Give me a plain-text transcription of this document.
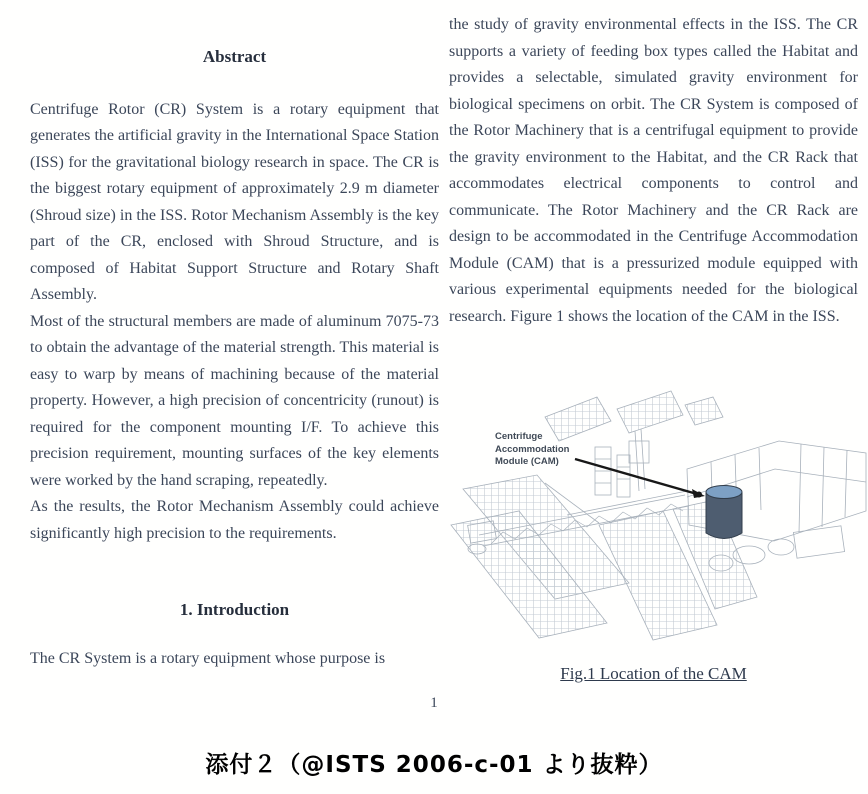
Abstract

Centrifuge Rotor (CR) System is a rotary equipment that generates the artificial gravity in the International Space Station (ISS) for the gravitational biology research in space. The CR is the biggest rotary equipment of approximately 2.9 m diameter (Shroud size) in the ISS. Rotor Mechanism Assembly is the key part of the CR, enclosed with Shroud Structure, and is composed of Habitat Support Structure and Rotary Shaft Assembly.

Most of the structural members are made of aluminum 7075-73 to obtain the advantage of the material strength. This material is easy to warp by means of machining because of the material property. However, a high precision of concentricity (runout) is required for the component mounting I/F. To achieve this precision requirement, mounting surfaces of the key elements were worked by the hand scraping, repeatedly.

As the results, the Rotor Mechanism Assembly could achieve significantly high precision to the requirements.

1. Introduction

The CR System is a rotary equipment whose purpose is

the study of gravity environmental effects in the ISS. The CR supports a variety of feeding box types called the Habitat and provides a selectable, simulated gravity environment for biological specimens on orbit. The CR System is composed of the Rotor Machinery that is a centrifugal equipment to provide the gravity environment to the Habitat, and the CR Rack that accommodates electrical components to control and communicate. The Rotor Machinery and the CR Rack are design to be accommodated in the Centrifuge Accommodation Module (CAM) that is a pressurized module equipped with various experimental equipments needed for the biological research. Figure 1 shows the location of the CAM in the ISS.

Centrifuge
Accommodation
Module (CAM)
Fig.1 Location of the CAM
1
添付２（@ISTS 2006-c-01 より抜粋）
